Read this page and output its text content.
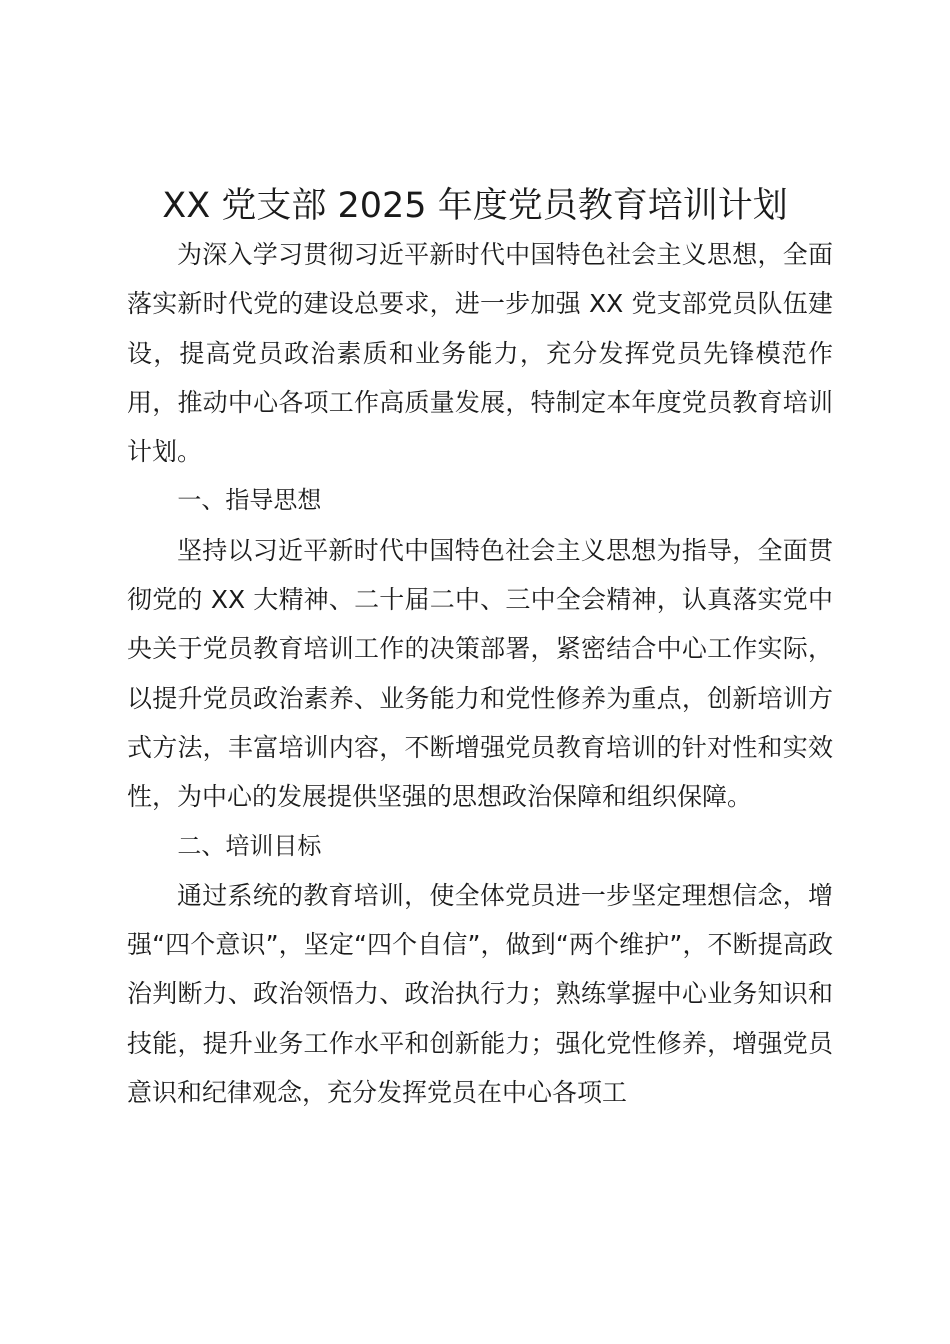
XX 党支部 2025 年度党员教育培训计划

为深入学习贯彻习近平新时代中国特色社会主义思想，全面落实新时代党的建设总要求，进一步加强 XX 党支部党员队伍建设，提高党员政治素质和业务能力，充分发挥党员先锋模范作用，推动中心各项工作高质量发展，特制定本年度党员教育培训计划。

一、指导思想

坚持以习近平新时代中国特色社会主义思想为指导，全面贯彻党的 XX 大精神、二十届二中、三中全会精神，认真落实党中央关于党员教育培训工作的决策部署，紧密结合中心工作实际，以提升党员政治素养、业务能力和党性修养为重点，创新培训方式方法，丰富培训内容，不断增强党员教育培训的针对性和实效性，为中心的发展提供坚强的思想政治保障和组织保障。

二、培训目标

通过系统的教育培训，使全体党员进一步坚定理想信念，增强“四个意识”，坚定“四个自信”，做到“两个维护”，不断提高政治判断力、政治领悟力、政治执行力；熟练掌握中心业务知识和技能，提升业务工作水平和创新能力；强化党性修养，增强党员意识和纪律观念，充分发挥党员在中心各项工
